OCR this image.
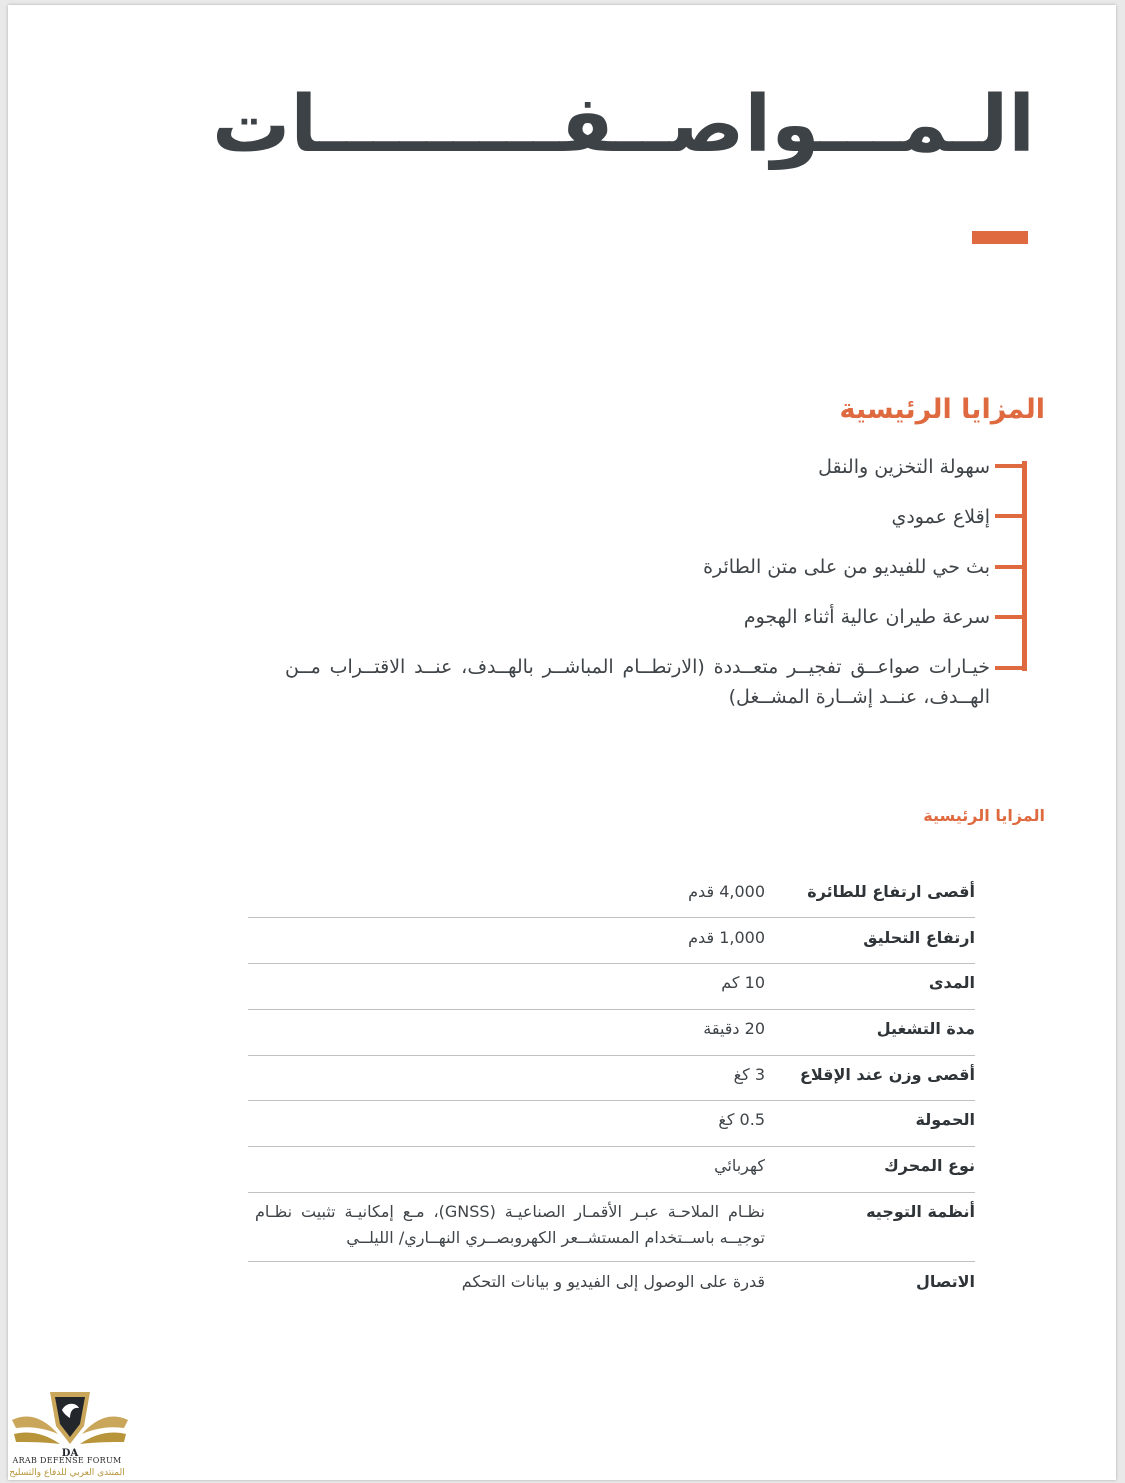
الـمـــواصــفـــــــــات
المزايا الرئيسية
سهولة التخزين والنقل
إقلاع عمودي
بث حي للفيديو من على متن الطائرة
سرعة طيران عالية أثناء الهجوم
خيـارات صواعــق تفجيــر متعــددة (الارتطــام المباشــر بالهــدف، عنــد الاقتــراب مــن الهــدف، عنــد إشــارة المشــغل)
المزايا الرئيسية
أقصى ارتفاع للطائرة
4,000 قدم
ارتفاع التحليق
1,000 قدم
المدى
10 كم
مدة التشغيل
20 دقيقة
أقصى وزن عند الإقلاع
3 كغ
الحمولة
0.5 كغ
نوع المحرك
كهربائي
أنظمة التوجيه
نظـام الملاحـة عبـر الأقمـار الصناعيـة (GNSS)، مـع إمكانيـة تثبيت نظـام توجيــه باســتخدام المستشــعر الكهروبصــري النهــاري/ الليلــي
الاتصال
قدرة على الوصول إلى الفيديو و بيانات التحكم
DA
ARAB DEFENSE FORUM
المنتدى العربي للدفاع والتسليح
